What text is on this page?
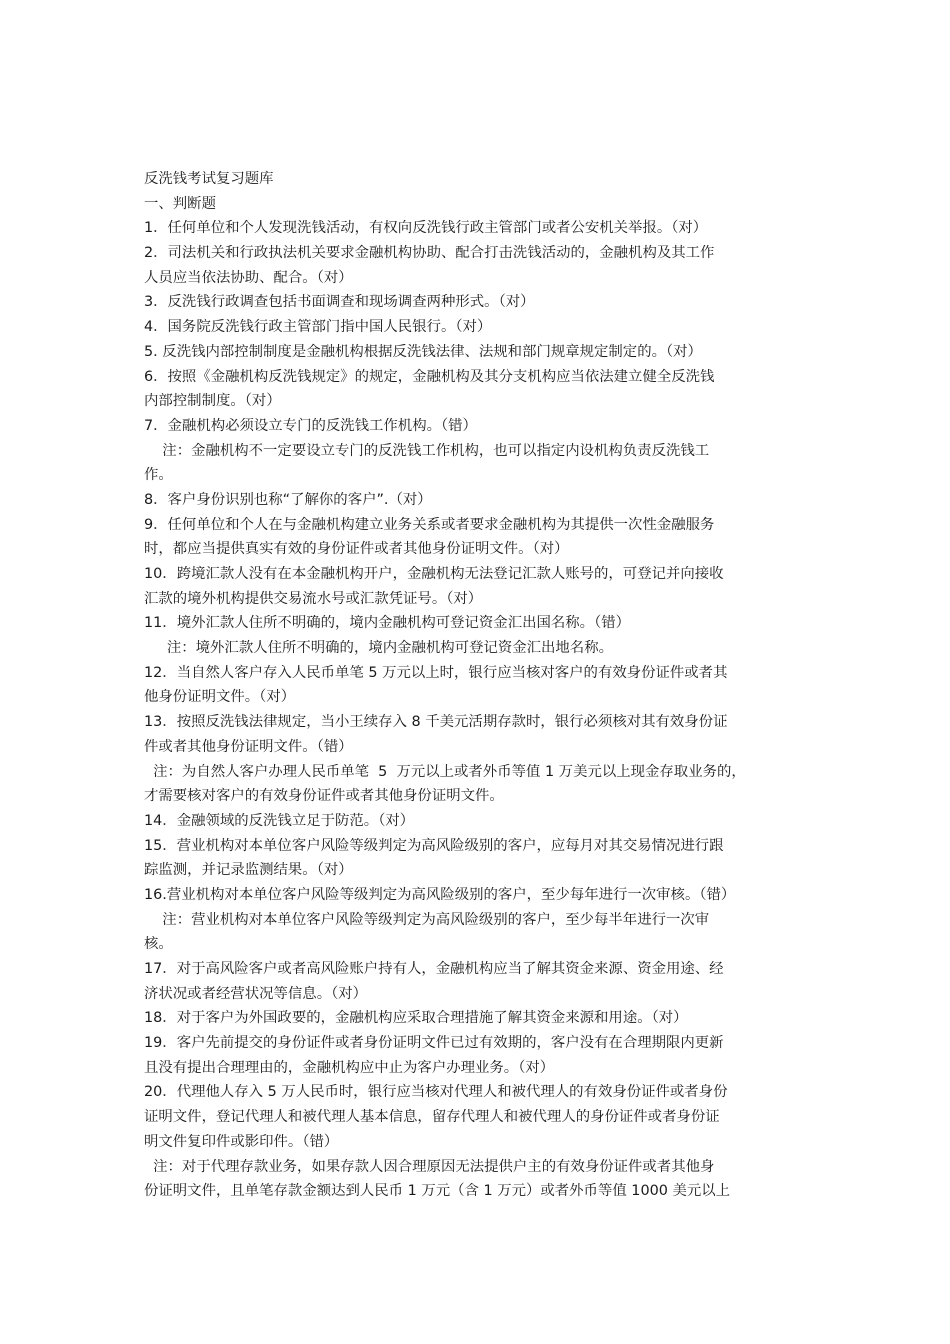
反洗钱考试复习题库
一、判断题
1．任何单位和个人发现洗钱活动，有权向反洗钱行政主管部门或者公安机关举报。（对）
2．司法机关和行政执法机关要求金融机构协助、配合打击洗钱活动的，金融机构及其工作
人员应当依法协助、配合。（对）
3．反洗钱行政调查包括书面调查和现场调查两种形式。（对）
4．国务院反洗钱行政主管部门指中国人民银行。（对）
5. 反洗钱内部控制制度是金融机构根据反洗钱法律、法规和部门规章规定制定的。（对）
6．按照《金融机构反洗钱规定》的规定，金融机构及其分支机构应当依法建立健全反洗钱
内部控制制度。（对）
7．金融机构必须设立专门的反洗钱工作机构。（错）
注：金融机构不一定要设立专门的反洗钱工作机构，也可以指定内设机构负责反洗钱工
作。
8．客户身份识别也称“了解你的客户”.（对）
9．任何单位和个人在与金融机构建立业务关系或者要求金融机构为其提供一次性金融服务
时，都应当提供真实有效的身份证件或者其他身份证明文件。（对）
10．跨境汇款人没有在本金融机构开户，金融机构无法登记汇款人账号的，可登记并向接收
汇款的境外机构提供交易流水号或汇款凭证号。（对）
11．境外汇款人住所不明确的，境内金融机构可登记资金汇出国名称。（错）
注：境外汇款人住所不明确的，境内金融机构可登记资金汇出地名称。
12．当自然人客户存入人民币单笔 5 万元以上时，银行应当核对客户的有效身份证件或者其
他身份证明文件。（对）
13．按照反洗钱法律规定，当小王续存入 8 千美元活期存款时，银行必须核对其有效身份证
件或者其他身份证明文件。（错）
注：为自然人客户办理人民币单笔  5  万元以上或者外币等值 1 万美元以上现金存取业务的，
才需要核对客户的有效身份证件或者其他身份证明文件。
14．金融领域的反洗钱立足于防范。（对）
15．营业机构对本单位客户风险等级判定为高风险级别的客户，应每月对其交易情况进行跟
踪监测，并记录监测结果。（对）
16.营业机构对本单位客户风险等级判定为高风险级别的客户，至少每年进行一次审核。（错）
注：营业机构对本单位客户风险等级判定为高风险级别的客户，至少每半年进行一次审
核。
17．对于高风险客户或者高风险账户持有人，金融机构应当了解其资金来源、资金用途、经
济状况或者经营状况等信息。（对）
18．对于客户为外国政要的，金融机构应采取合理措施了解其资金来源和用途。（对）
19．客户先前提交的身份证件或者身份证明文件已过有效期的，客户没有在合理期限内更新
且没有提出合理理由的，金融机构应中止为客户办理业务。（对）
20．代理他人存入 5 万人民币时，银行应当核对代理人和被代理人的有效身份证件或者身份
证明文件，登记代理人和被代理人基本信息，留存代理人和被代理人的身份证件或者身份证
明文件复印件或影印件。（错）
注：对于代理存款业务，如果存款人因合理原因无法提供户主的有效身份证件或者其他身
份证明文件，且单笔存款金额达到人民币 1 万元（含 1 万元）或者外币等值 1000 美元以上
